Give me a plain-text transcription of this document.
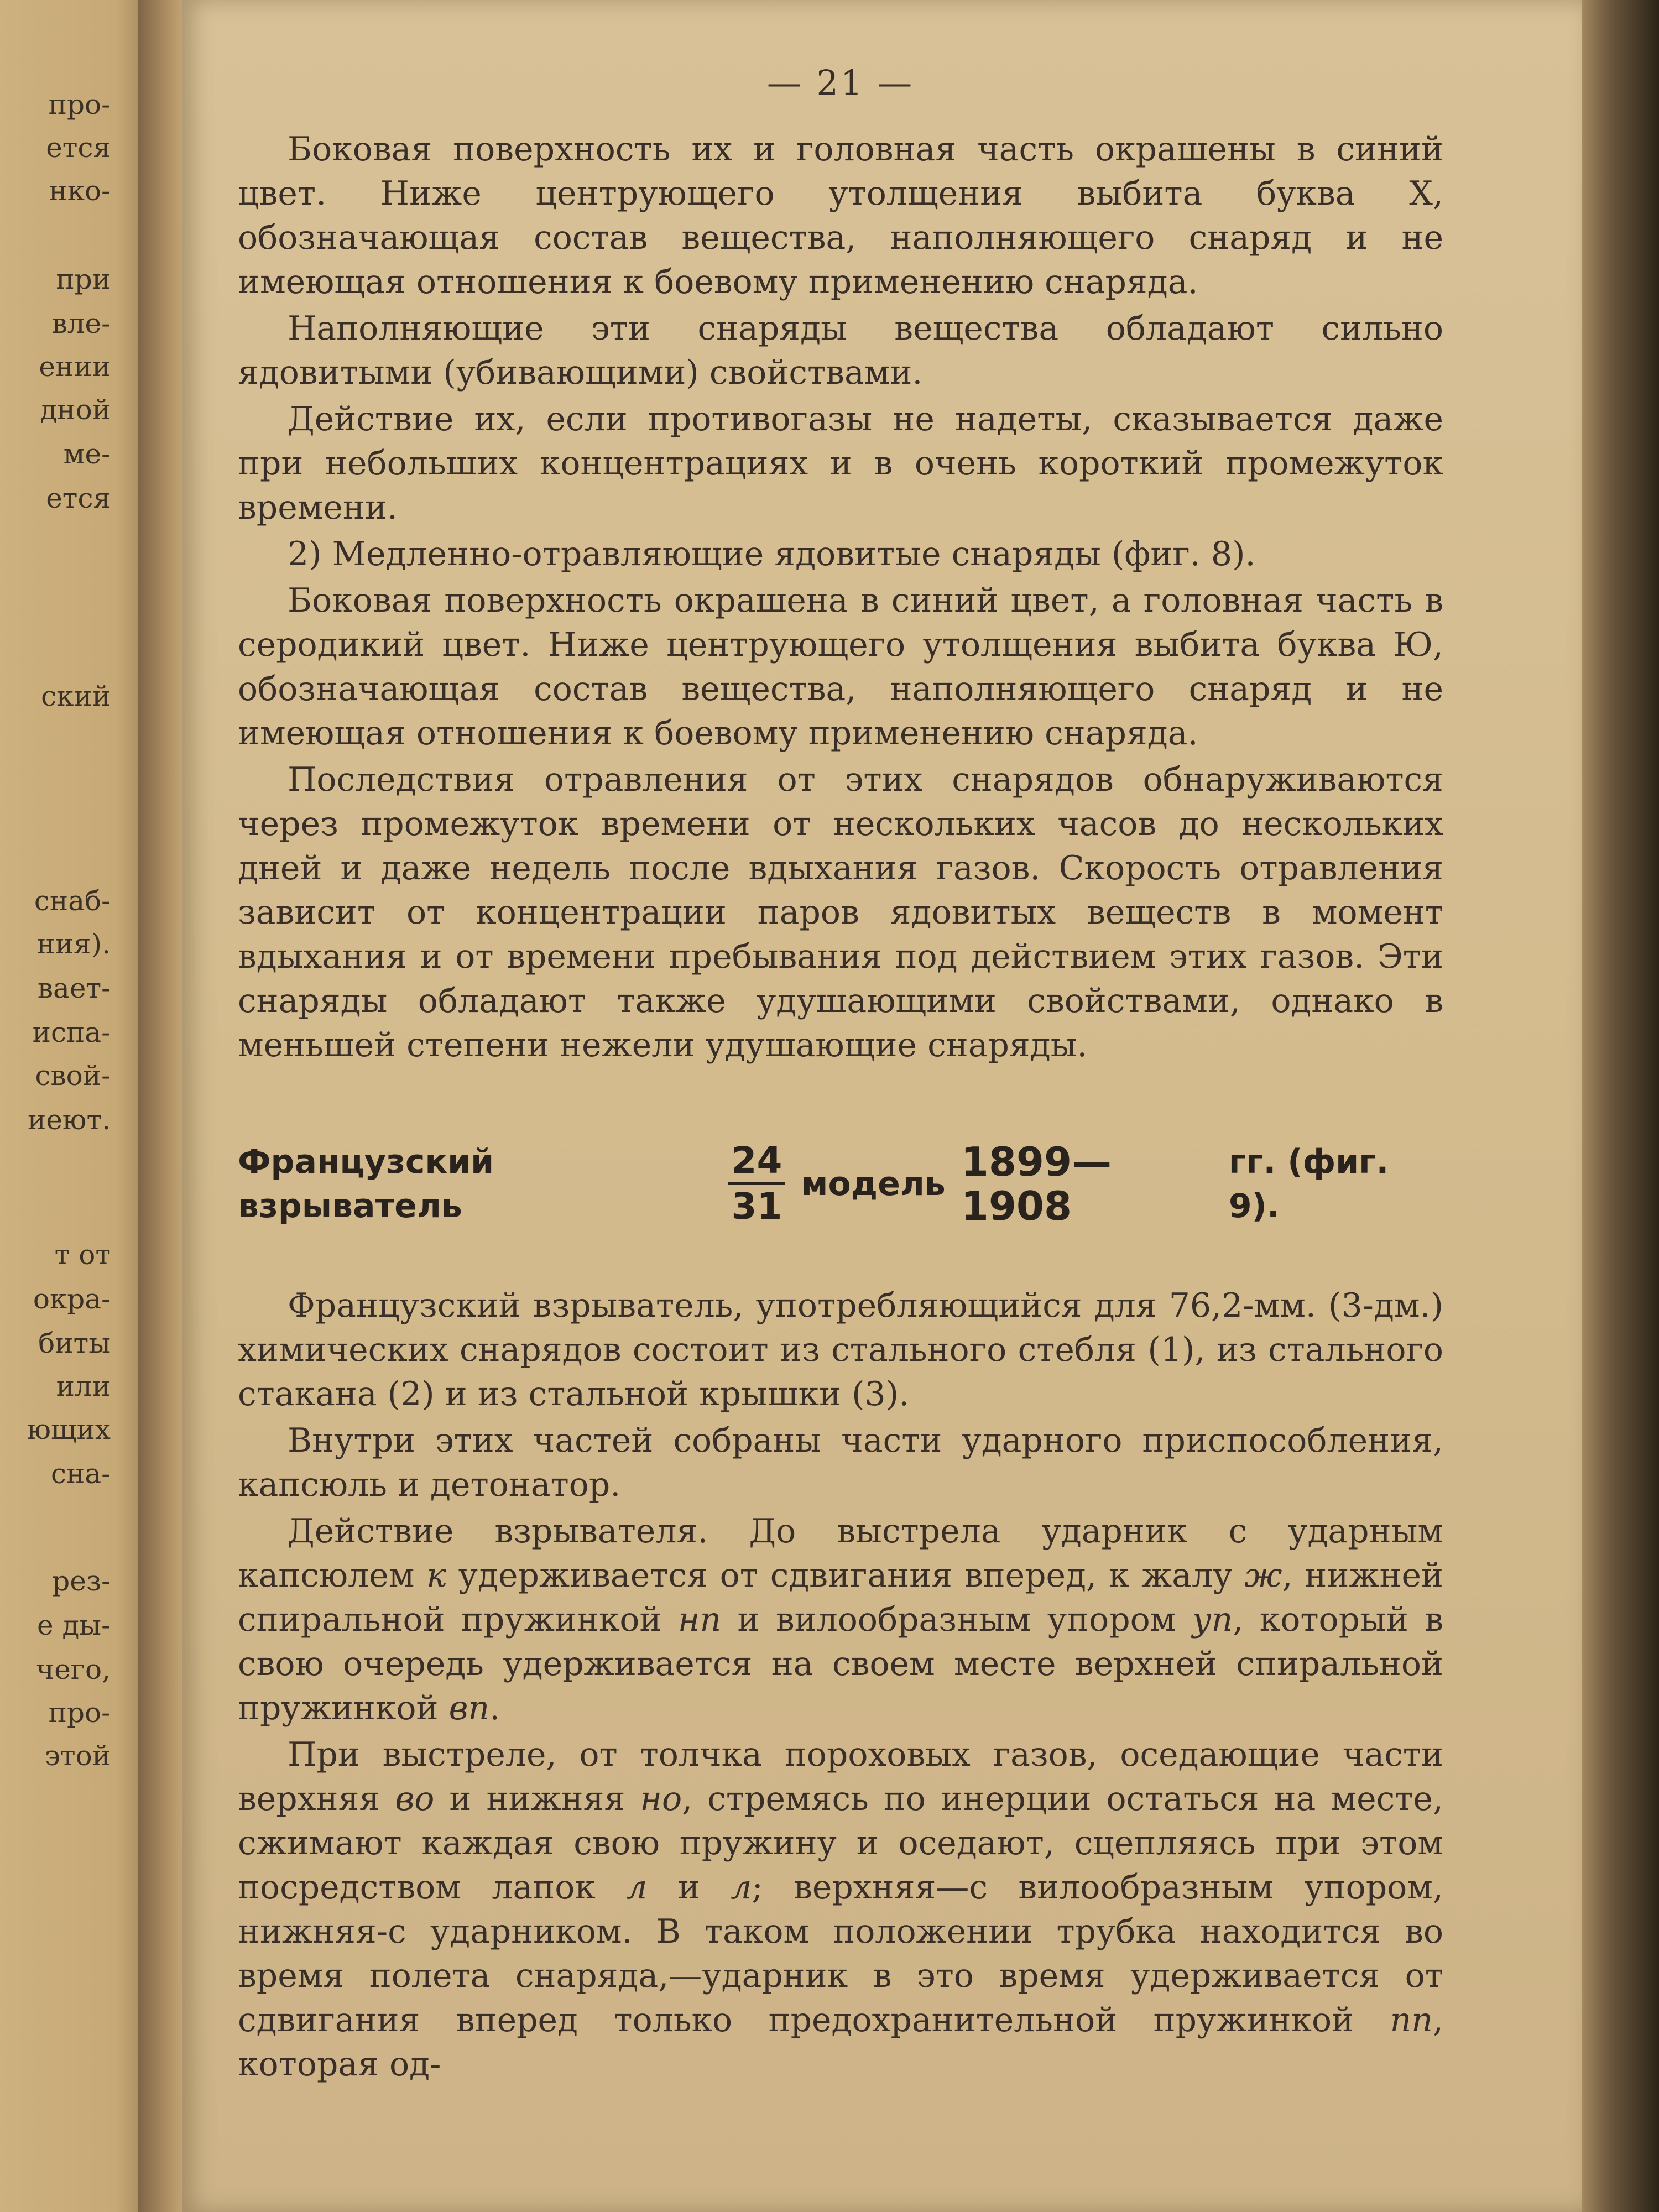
про-
ется
нко-
при
вле-
ении
дной
ме-
ется
ский
снаб-
ния).
вает-
испа-
свой-
иеют.
т от
окра-
биты
или
ющих
сна-
рез-
е ды-
чего,
про-
этой
— 21 —

Боковая поверхность их и головная часть окрашены в синий цвет. Ниже центрующего утолщения выбита буква Х, обозначающая состав вещества, наполняющего снаряд и не имеющая отношения к боевому применению снаряда.

Наполняющие эти снаряды вещества обладают сильно ядовитыми (убивающими) свойствами.

Действие их, если противогазы не надеты, сказывается даже при небольших концентрациях и в очень короткий промежуток времени.

2) Медленно-отравляющие ядовитые снаряды (фиг. 8).

Боковая поверхность окрашена в синий цвет, а головная часть в серодикий цвет. Ниже центрующего утолщения выбита буква Ю, обозначающая состав вещества, наполняющего снаряд и не имеющая отношения к боевому применению снаряда.

Последствия отравления от этих снарядов обнаруживаются через промежуток времени от нескольких часов до нескольких дней и даже недель после вдыхания газов. Скорость отравления зависит от концентрации паров ядовитых веществ в момент вдыхания и от времени пребывания под действием этих газов. Эти снаряды обладают также удушающими свойствами, однако в меньшей степени нежели удушающие снаряды.

Французский взрыватель	$\frac{24}{31}$ модель 1899—1908
гг. (фиг. 9).

Французский взрыватель, употребляющийся для 76,2-мм. (3-дм.) химических снарядов состоит из стального стебля (1), из стального стакана (2) и из стальной крышки (3).

Внутри этих частей собраны части ударного приспособления, капсюль и детонатор.

Действие взрывателя. До выстрела ударник с ударным капсюлем к удерживается от сдвигания вперед, к жалу ж, нижней спиральной пружинкой нп и вилообразным упором уп, который в свою очередь удерживается на своем месте верхней спиральной пружинкой вп.

При выстреле, от толчка пороховых газов, оседающие части верхняя во и нижняя но, стремясь по инерции остаться на месте, сжимают каждая свою пружину и оседают, сцепляясь при этом посредством лапок л и л; верхняя—с вилообразным упором, нижняя-с ударником. В таком положении трубка находится во время полета снаряда,—ударник в это время удерживается от сдвигания вперед только предохранительной пружинкой пп, которая од-
